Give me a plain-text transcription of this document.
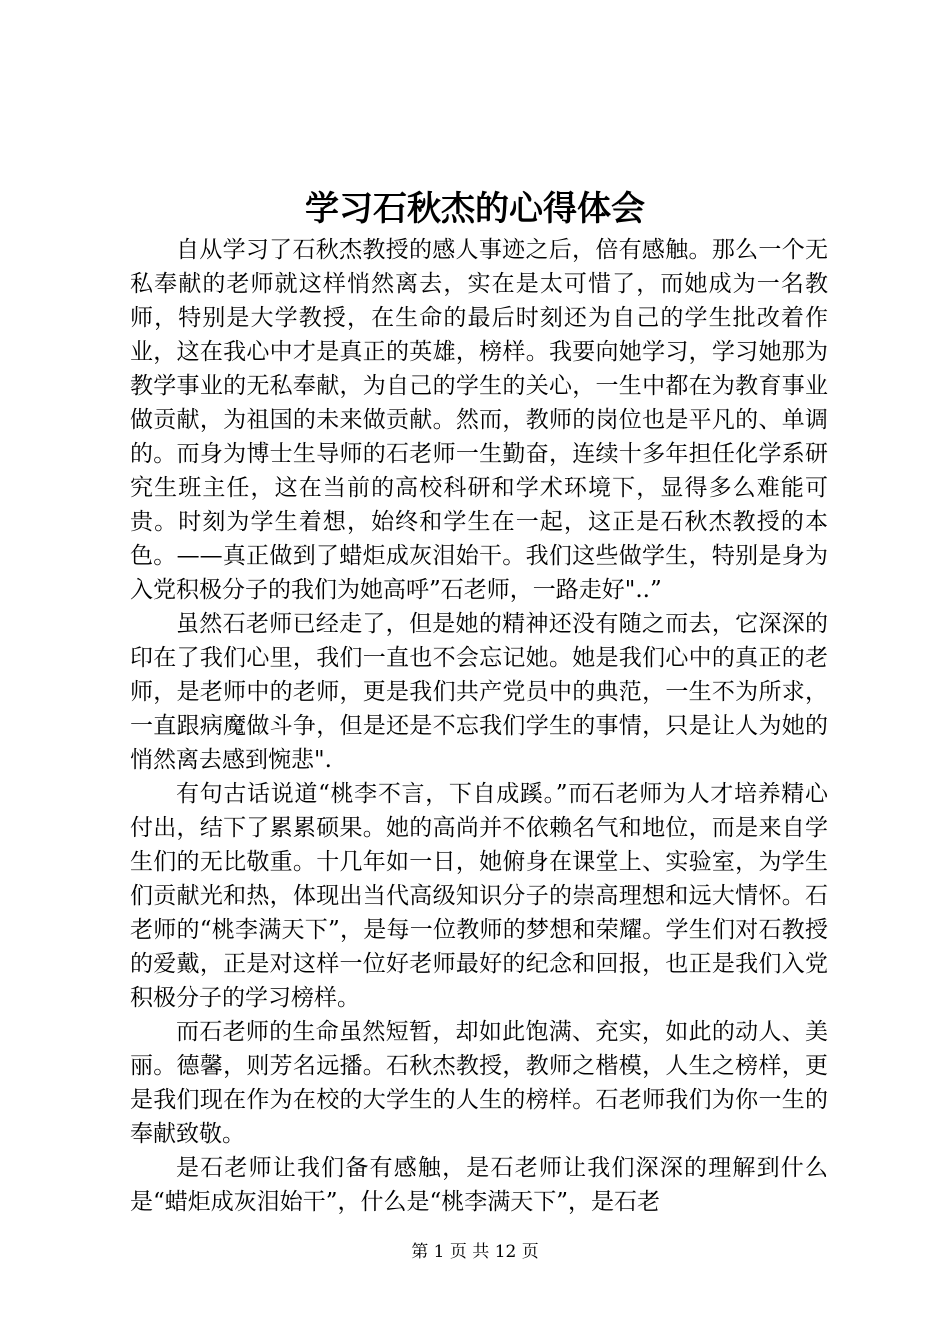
学习石秋杰的心得体会

自从学习了石秋杰教授的感人事迹之后，倍有感触。那么一个无私奉献的老师就这样悄然离去，实在是太可惜了，而她成为一名教师，特别是大学教授，在生命的最后时刻还为自己的学生批改着作业，这在我心中才是真正的英雄，榜样。我要向她学习，学习她那为教学事业的无私奉献，为自己的学生的关心，一生中都在为教育事业做贡献，为祖国的未来做贡献。然而，教师的岗位也是平凡的、单调的。而身为博士生导师的石老师一生勤奋，连续十多年担任化学系研究生班主任，这在当前的高校科研和学术环境下，显得多么难能可贵。时刻为学生着想，始终和学生在一起，这正是石秋杰教授的本色。——真正做到了蜡炬成灰泪始干。我们这些做学生，特别是身为入党积极分子的我们为她高呼”石老师，一路走好"..”

虽然石老师已经走了，但是她的精神还没有随之而去，它深深的印在了我们心里，我们一直也不会忘记她。她是我们心中的真正的老师，是老师中的老师，更是我们共产党员中的典范，一生不为所求，一直跟病魔做斗争，但是还是不忘我们学生的事情，只是让人为她的悄然离去感到惋悲".

有句古话说道“桃李不言，下自成蹊。”而石老师为人才培养精心付出，结下了累累硕果。她的高尚并不依赖名气和地位，而是来自学生们的无比敬重。十几年如一日，她俯身在课堂上、实验室，为学生们贡献光和热，体现出当代高级知识分子的崇高理想和远大情怀。石老师的“桃李满天下”，是每一位教师的梦想和荣耀。学生们对石教授的爱戴，正是对这样一位好老师最好的纪念和回报，也正是我们入党积极分子的学习榜样。

而石老师的生命虽然短暂，却如此饱满、充实，如此的动人、美丽。德馨，则芳名远播。石秋杰教授，教师之楷模，人生之榜样，更是我们现在作为在校的大学生的人生的榜样。石老师我们为你一生的奉献致敬。

是石老师让我们备有感触，是石老师让我们深深的理解到什么是“蜡炬成灰泪始干”，什么是“桃李满天下”，是石老

第 1 页 共 12 页
